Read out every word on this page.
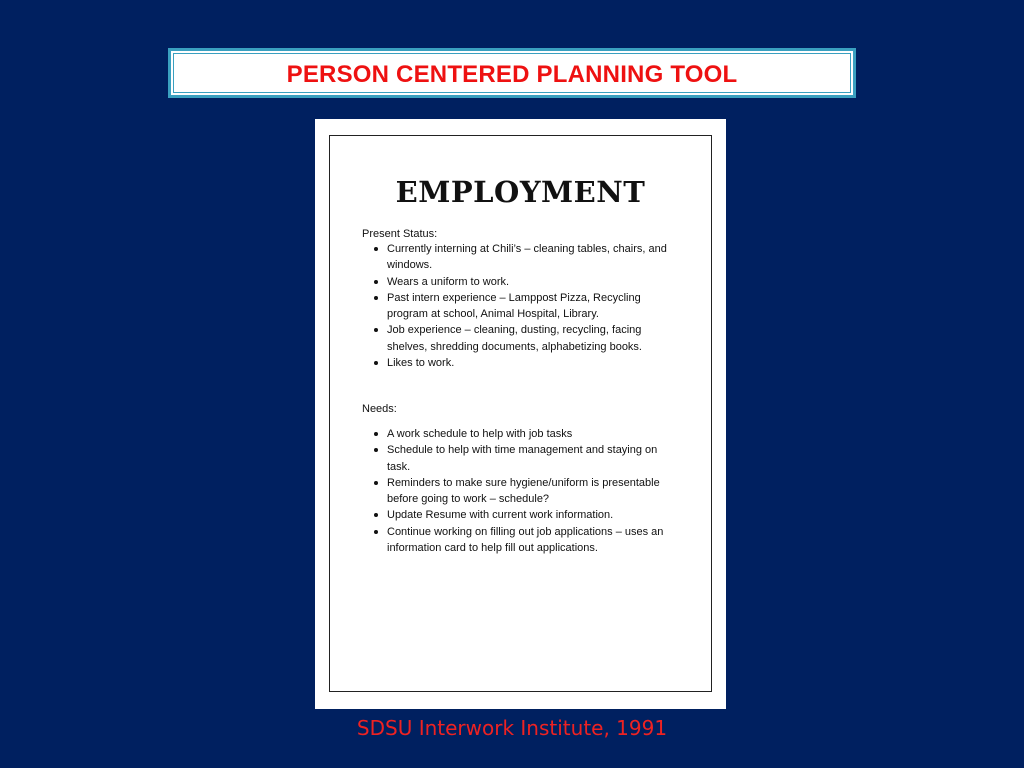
PERSON CENTERED PLANNING TOOL
EMPLOYMENT
Present Status:
Currently interning at Chili’s – cleaning tables, chairs, and windows.
Wears a uniform to work.
Past intern experience – Lamppost Pizza, Recycling program at school, Animal Hospital, Library.
Job experience – cleaning, dusting, recycling, facing shelves, shredding documents, alphabetizing books.
Likes to work.
Needs:
A work schedule to help with job tasks
Schedule to help with time management and staying on task.
Reminders to make sure hygiene/uniform is presentable before going to work – schedule?
Update Resume with current work information.
Continue working on filling out job applications – uses an information card to help fill out applications.
SDSU Interwork Institute, 1991
